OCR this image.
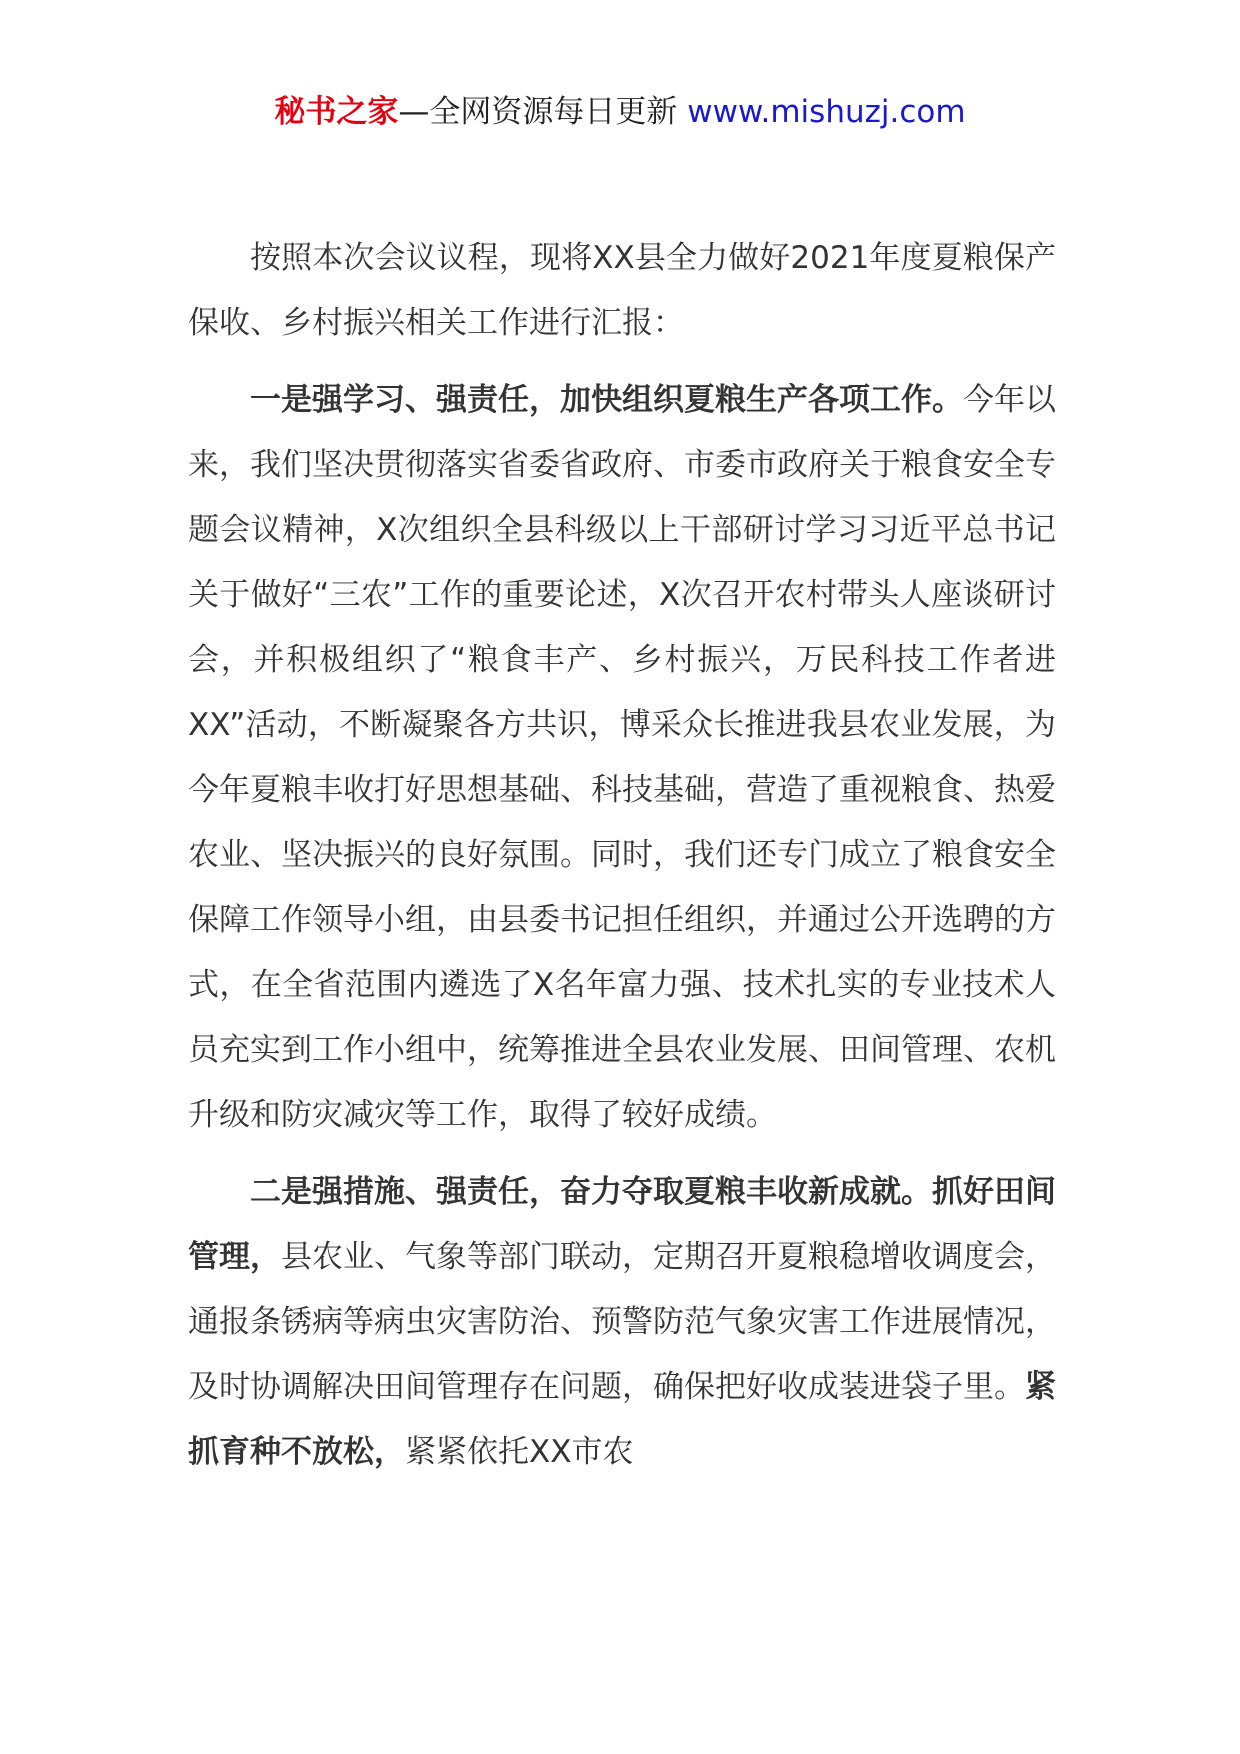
秘书之家—全网资源每日更新 www.mishuzj.com

按照本次会议议程，现将XX县全力做好2021年度夏粮保产保收、乡村振兴相关工作进行汇报：

一是强学习、强责任，加快组织夏粮生产各项工作。今年以来，我们坚决贯彻落实省委省政府、市委市政府关于粮食安全专题会议精神，X次组织全县科级以上干部研讨学习习近平总书记关于做好“三农”工作的重要论述，X次召开农村带头人座谈研讨会，并积极组织了“粮食丰产、乡村振兴，万民科技工作者进XX”活动，不断凝聚各方共识，博采众长推进我县农业发展，为今年夏粮丰收打好思想基础、科技基础，营造了重视粮食、热爱农业、坚决振兴的良好氛围。同时，我们还专门成立了粮食安全保障工作领导小组，由县委书记担任组织，并通过公开选聘的方式，在全省范围内遴选了X名年富力强、技术扎实的专业技术人员充实到工作小组中，统筹推进全县农业发展、田间管理、农机升级和防灾减灾等工作，取得了较好成绩。

二是强措施、强责任，奋力夺取夏粮丰收新成就。抓好田间管理，县农业、气象等部门联动，定期召开夏粮稳增收调度会，通报条锈病等病虫灾害防治、预警防范气象灾害工作进展情况，及时协调解决田间管理存在问题，确保把好收成装进袋子里。紧抓育种不放松，紧紧依托XX市农
